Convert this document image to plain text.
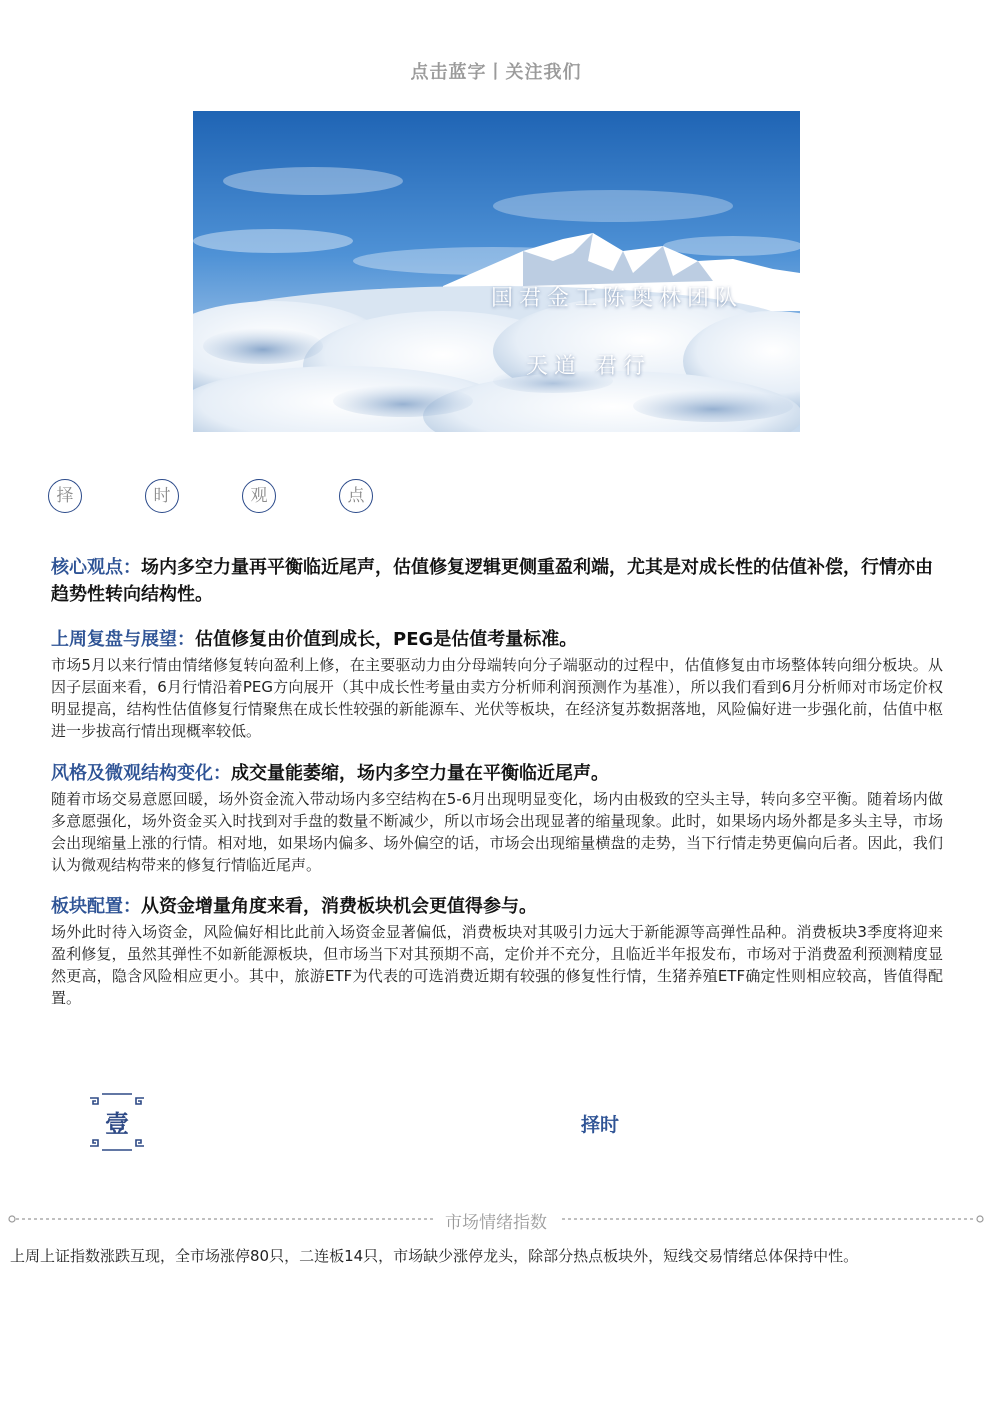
点击蓝字丨关注我们
国君金工陈奥林团队
天道 君行
择	时	观	点
核心观点：场内多空力量再平衡临近尾声，估值修复逻辑更侧重盈利端，尤其是对成长性的估值补偿，行情亦由趋势性转向结构性。
上周复盘与展望：估值修复由价值到成长，PEG是估值考量标准。
市场5月以来行情由情绪修复转向盈利上修，在主要驱动力由分母端转向分子端驱动的过程中，估值修复由市场整体转向细分板块。从因子层面来看，6月行情沿着PEG方向展开（其中成长性考量由卖方分析师利润预测作为基准），所以我们看到6月分析师对市场定价权明显提高，结构性估值修复行情聚焦在成长性较强的新能源车、光伏等板块，在经济复苏数据落地，风险偏好进一步强化前，估值中枢进一步拔高行情出现概率较低。
风格及微观结构变化：成交量能萎缩，场内多空力量在平衡临近尾声。
随着市场交易意愿回暖，场外资金流入带动场内多空结构在5-6月出现明显变化，场内由极致的空头主导，转向多空平衡。随着场内做多意愿强化，场外资金买入时找到对手盘的数量不断减少，所以市场会出现显著的缩量现象。此时，如果场内场外都是多头主导，市场会出现缩量上涨的行情。相对地，如果场内偏多、场外偏空的话，市场会出现缩量横盘的走势，当下行情走势更偏向后者。因此，我们认为微观结构带来的修复行情临近尾声。
板块配置：从资金增量角度来看，消费板块机会更值得参与。
场外此时待入场资金，风险偏好相比此前入场资金显著偏低，消费板块对其吸引力远大于新能源等高弹性品种。消费板块3季度将迎来盈利修复，虽然其弹性不如新能源板块，但市场当下对其预期不高，定价并不充分，且临近半年报发布，市场对于消费盈利预测精度显然更高，隐含风险相应更小。其中，旅游ETF为代表的可选消费近期有较强的修复性行情，生猪养殖ETF确定性则相应较高，皆值得配置。
壹	择时
市场情绪指数
上周上证指数涨跌互现，全市场涨停80只，二连板14只，市场缺少涨停龙头，除部分热点板块外，短线交易情绪总体保持中性。
